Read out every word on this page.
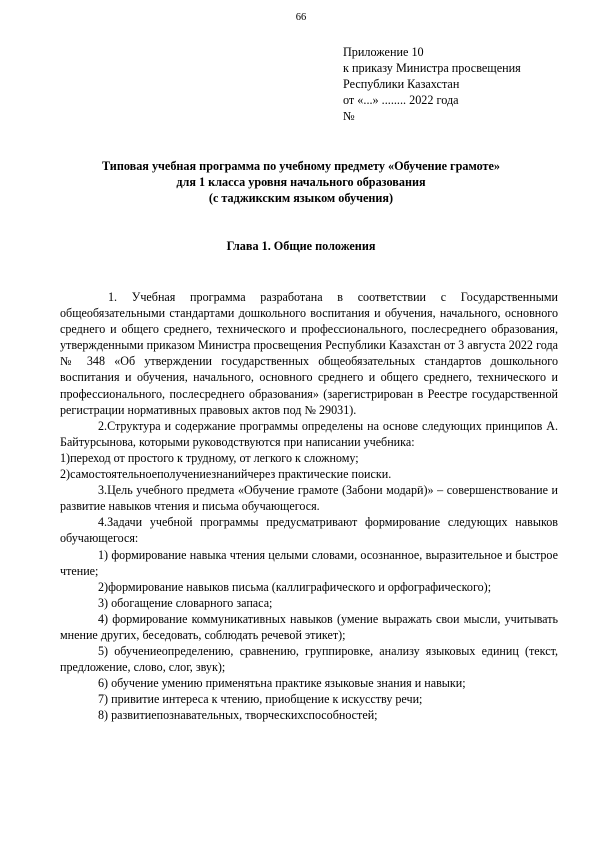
66
Приложение 10
к приказу Министра просвещения
Республики Казахстан
от «...» ........ 2022 года
№
Типовая учебная программа по учебному предмету «Обучение грамоте»
для 1 класса уровня начального образования
(с таджикским языком обучения)
Глава 1. Общие положения

1. Учебная программа разработана в соответствии с Государственными общеобязательными стандартами дошкольного воспитания и обучения, начального, основного среднего и общего среднего, технического и профессионального, послесреднего образования, утвержденными приказом Министра просвещения Республики Казахстан от 3 августа 2022 года № 348 «Об утверждении государственных общеобязательных стандартов дошкольного воспитания и обучения, начального, основного среднего и общего среднего, технического и профессионального, послесреднего образования» (зарегистрирован в Реестре государственной регистрации нормативных правовых актов под № 29031).

2.Структура и содержание программы определены на основе следующих принципов А. Байтурсынова, которыми руководствуются при написании учебника:

1)переход от простого к трудному, от легкого к сложному;

2)самостоятельноеполучениезнанийчерез практические поиски.

3.Цель учебного предмета «Обучение грамоте (Забони модарӣ)» – совершенствование и развитие навыков чтения и письма обучающегося.

4.Задачи учебной программы предусматривают формирование следующих навыков обучающегося:

1) формирование навыка чтения целыми словами, осознанное, выразительное и быстрое чтение;

2)формирование навыков письма (каллиграфического и орфографического);

3) обогащение словарного запаса;

4) формирование коммуникативных навыков (умение выражать свои мысли, учитывать мнение других, беседовать, соблюдать речевой этикет);

5) обучениеопределению, сравнению, группировке, анализу языковых единиц (текст, предложение, слово, слог, звук);

6) обучение умению применятьна практике языковые знания и навыки;

7) привитие интереса к чтению, приобщение к искусству речи;

8) развитиепознавательных, творческихспособностей;
